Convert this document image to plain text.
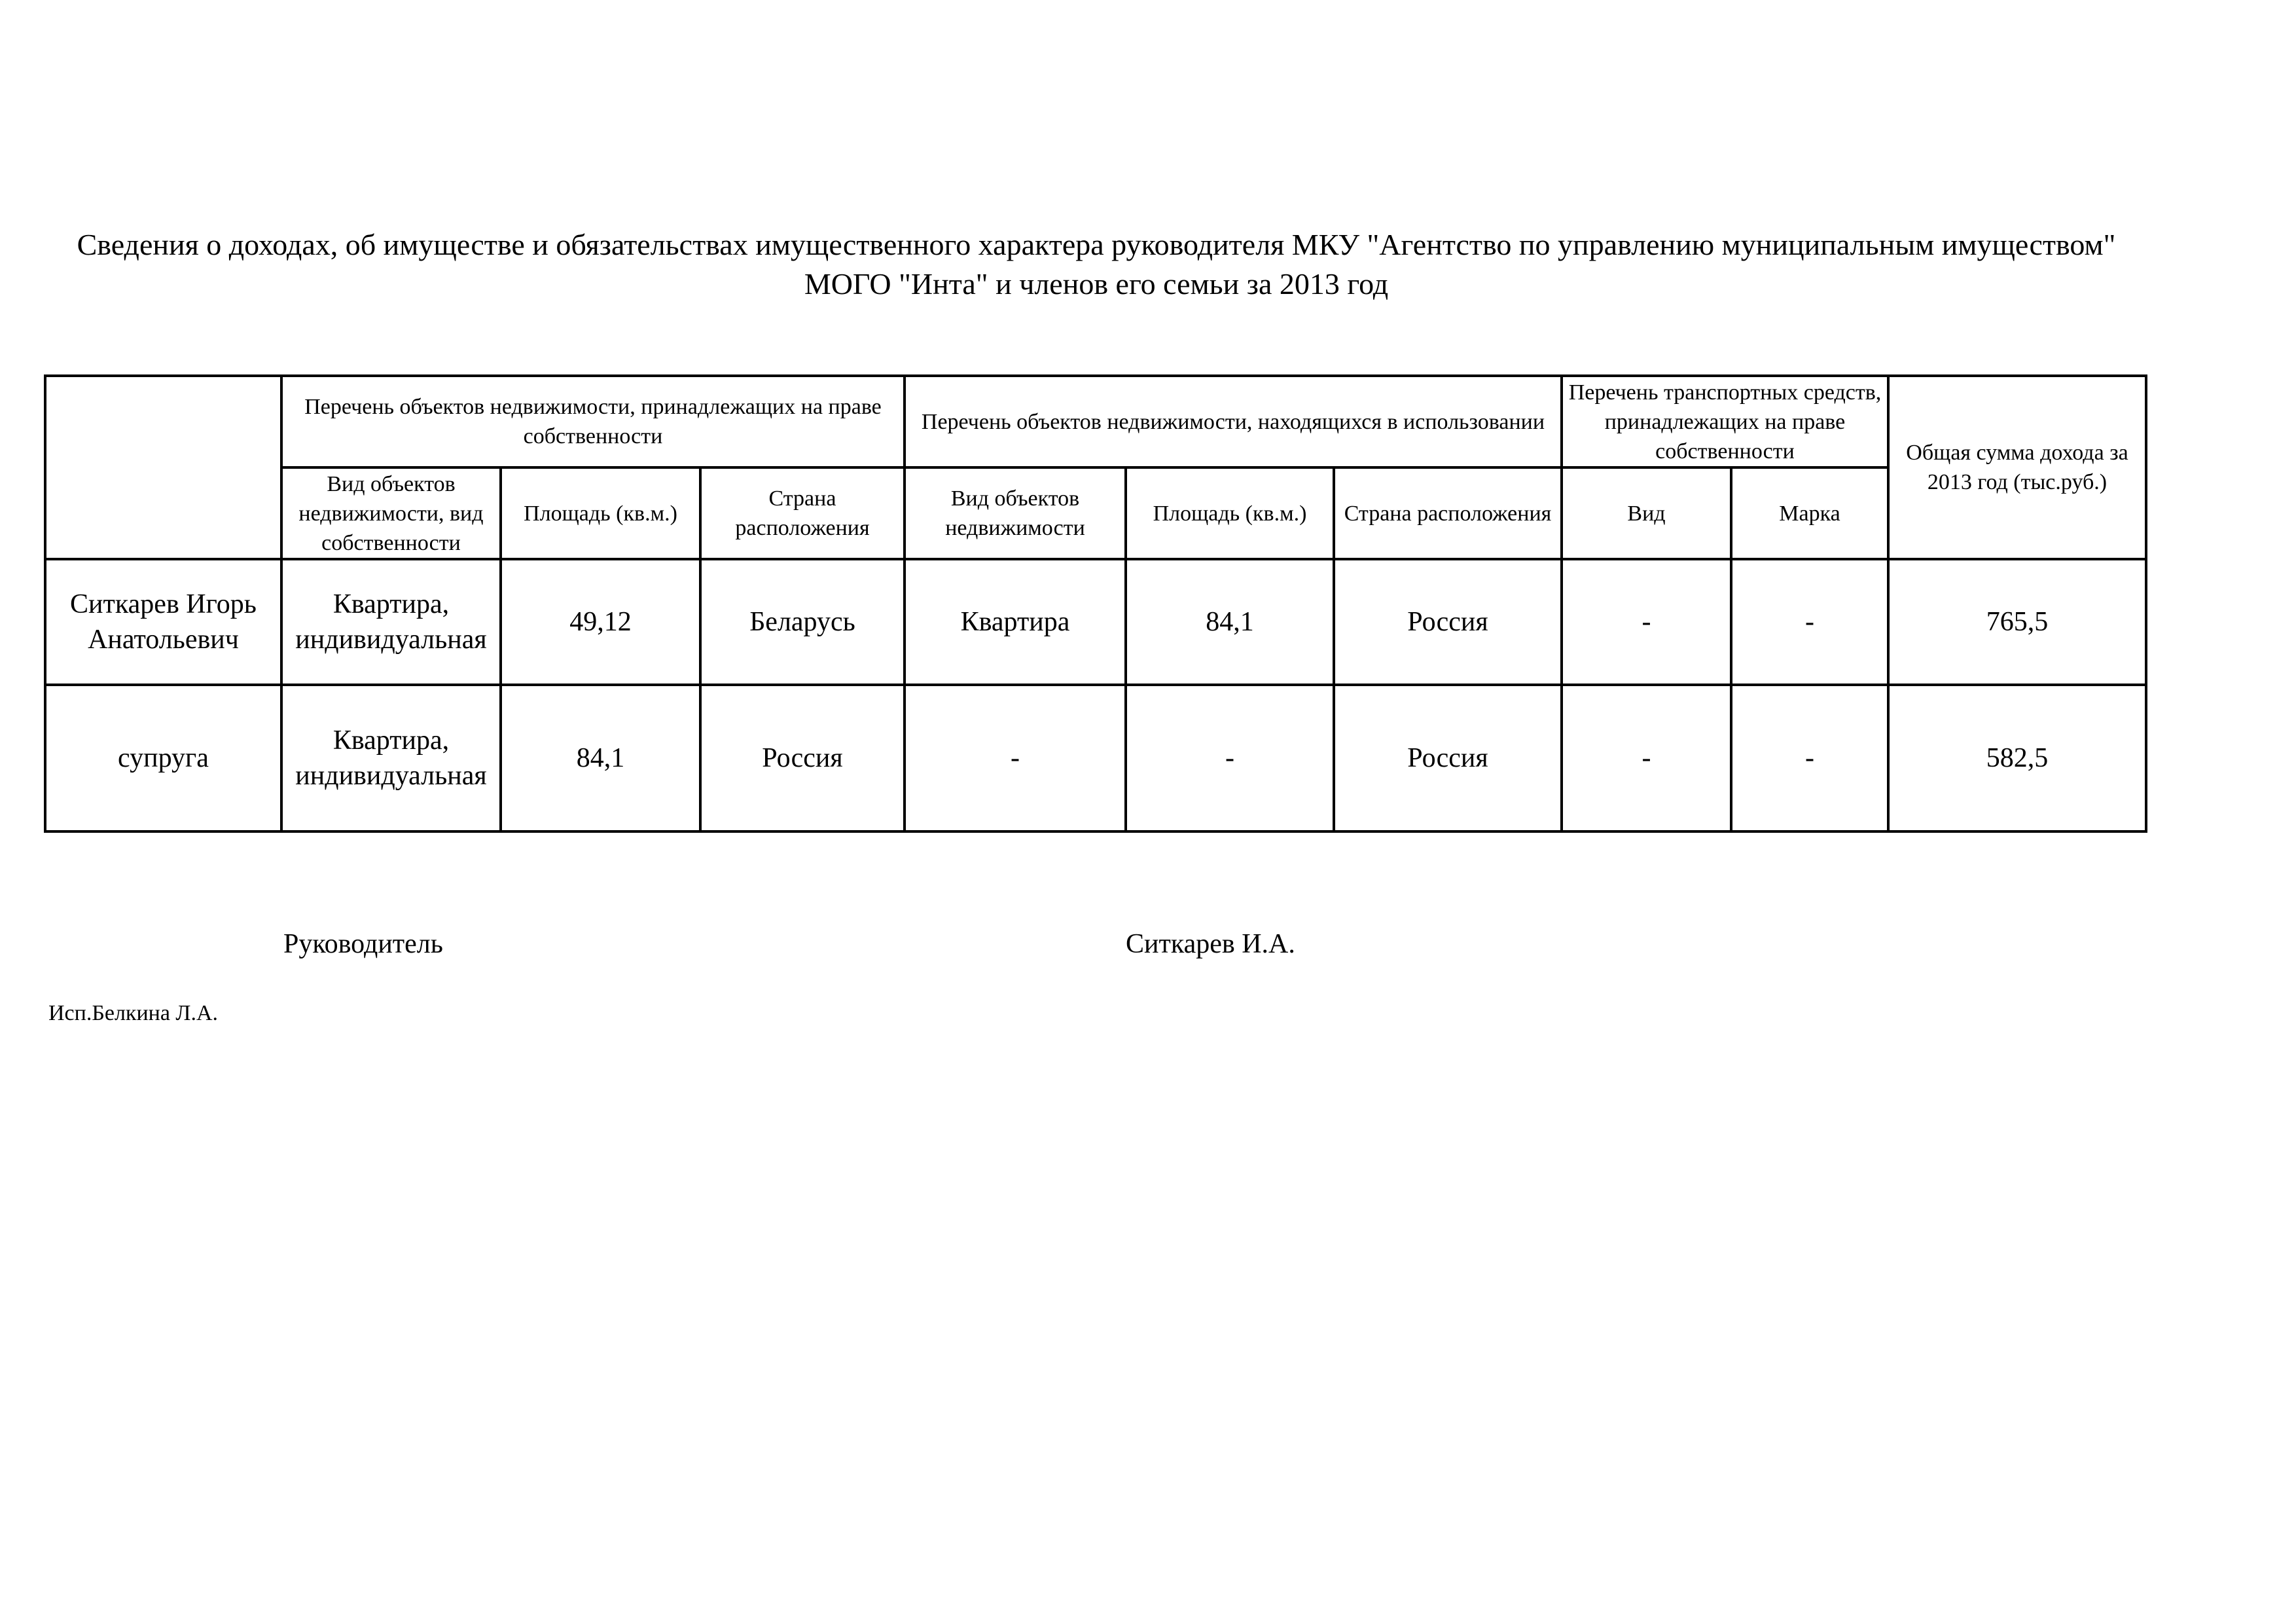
Сведения о доходах, об имуществе и обязательствах имущественного характера руководителя МКУ "Агентство по управлению муниципальным имуществом" МОГО "Инта" и членов его семьи за 2013 год
	Перечень объектов недвижимости, принадлежащих на праве собственности			Перечень объектов недвижимости, находящихся в использовании			Перечень транспортных средств, принадлежащих на праве собственности		Общая сумма дохода за 2013 год (тыс.руб.)
	Вид объектов недвижимости, вид собственности	Площадь (кв.м.)	Страна расположения	Вид объектов недвижимости	Площадь (кв.м.)	Страна расположения	Вид	Марка	
Ситкарев Игорь Анатольевич	Квартира, индивидуальная	49,12	Беларусь	Квартира	84,1	Россия	-	-	765,5
супруга	Квартира, индивидуальная	84,1	Россия	-	-	Россия	-	-	582,5
Руководитель	Ситкарев И.А.
Исп.Белкина Л.А.
